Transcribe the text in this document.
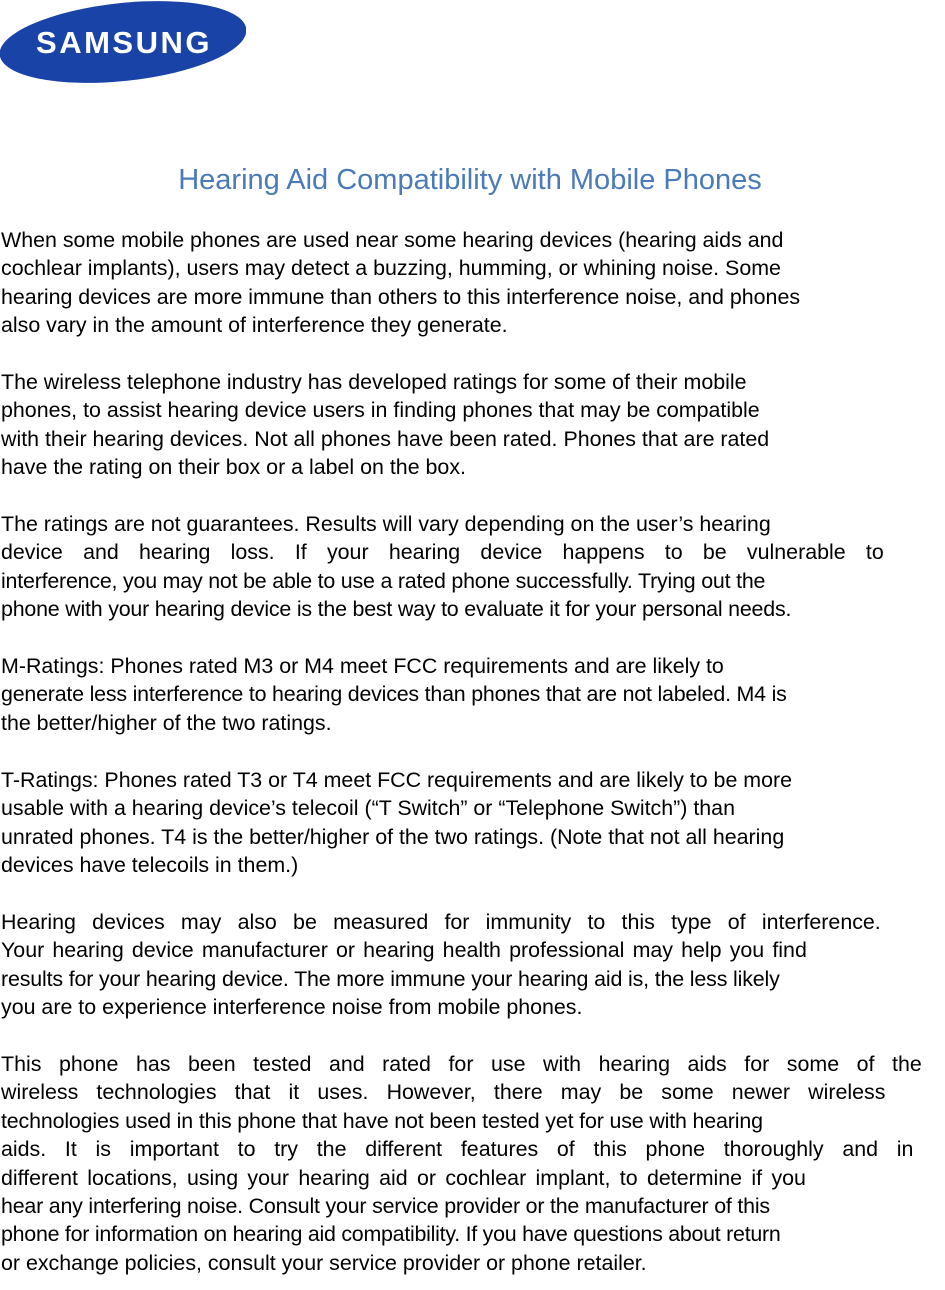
SAMSUNG
Hearing Aid Compatibility with Mobile Phones
When some mobile phones are used near some hearing devices (hearing aids and
cochlear implants), users may detect a buzzing, humming, or whining noise. Some
hearing devices are more immune than others to this interference noise, and phones
also vary in the amount of interference they generate.
The wireless telephone industry has developed ratings for some of their mobile
phones, to assist hearing device users in finding phones that may be compatible
with their hearing devices. Not all phones have been rated. Phones that are rated
have the rating on their box or a label on the box.
The ratings are not guarantees. Results will vary depending on the user’s hearing
device and hearing loss. If your hearing device happens to be vulnerable to
interference, you may not be able to use a rated phone successfully. Trying out the
phone with your hearing device is the best way to evaluate it for your personal needs.
M-Ratings: Phones rated M3 or M4 meet FCC requirements and are likely to
generate less interference to hearing devices than phones that are not labeled. M4 is
the better/higher of the two ratings.
T-Ratings: Phones rated T3 or T4 meet FCC requirements and are likely to be more
usable with a hearing device’s telecoil (“T Switch” or “Telephone Switch”) than
unrated phones. T4 is the better/higher of the two ratings. (Note that not all hearing
devices have telecoils in them.)
Hearing devices may also be measured for immunity to this type of interference.
Your hearing device manufacturer or hearing health professional may help you find
results for your hearing device. The more immune your hearing aid is, the less likely
you are to experience interference noise from mobile phones.
This phone has been tested and rated for use with hearing aids for some of the
wireless technologies that it uses. However, there may be some newer wireless
technologies used in this phone that have not been tested yet for use with hearing
aids. It is important to try the different features of this phone thoroughly and in
different locations, using your hearing aid or cochlear implant, to determine if you
hear any interfering noise. Consult your service provider or the manufacturer of this
phone for information on hearing aid compatibility. If you have questions about return
or exchange policies, consult your service provider or phone retailer.
